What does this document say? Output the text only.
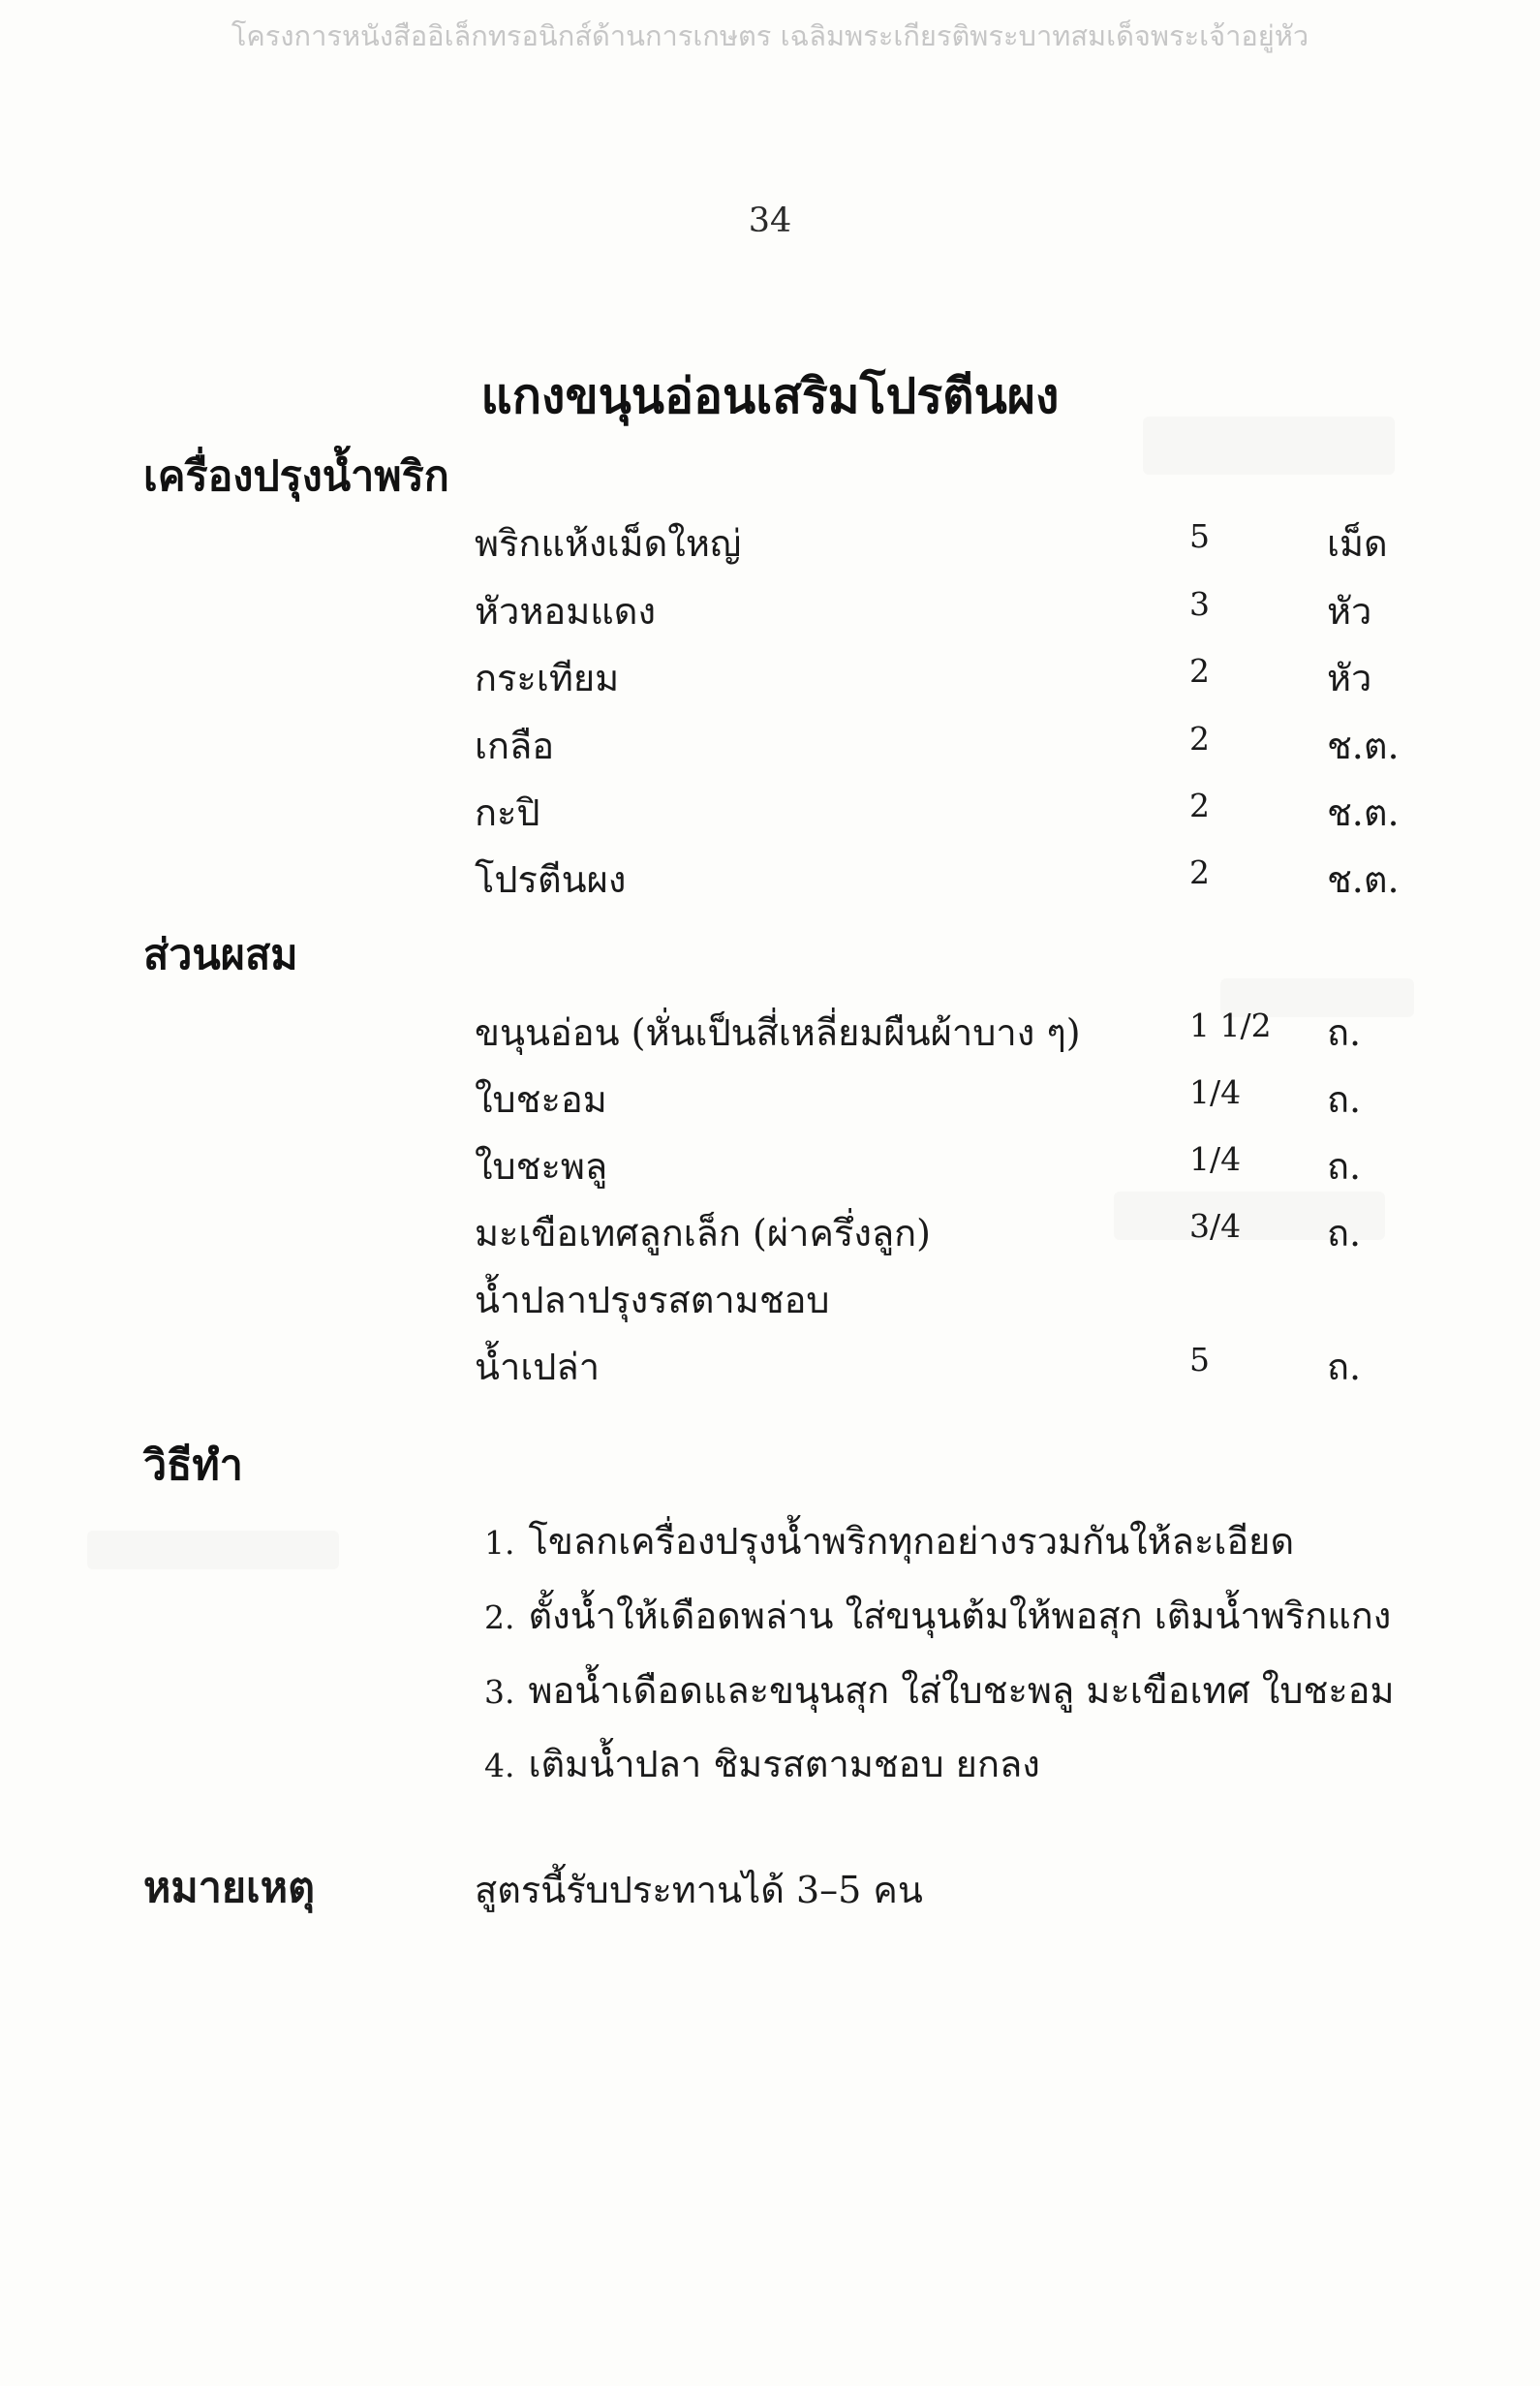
โครงการหนังสืออิเล็กทรอนิกส์ด้านการเกษตร เฉลิมพระเกียรติพระบาทสมเด็จพระเจ้าอยู่หัว
34
แกงขนุนอ่อนเสริมโปรตีนผง
เครื่องปรุงน้ำพริก
พริกแห้งเม็ดใหญ่	5	เม็ด
หัวหอมแดง	3	หัว
กระเทียม	2	หัว
เกลือ	2	ช.ต.
กะปิ	2	ช.ต.
โปรตีนผง	2	ช.ต.
ส่วนผสม
ขนุนอ่อน (หั่นเป็นสี่เหลี่ยมผืนผ้าบาง ๆ)	1 1/2 ถ.
ใบชะอม	1/4 ถ.
ใบชะพลู	1/4 ถ.
มะเขือเทศลูกเล็ก (ผ่าครึ่งลูก)	3/4 ถ.
น้ำปลาปรุงรสตามชอบ
น้ำเปล่า	5	ถ.
วิธีทำ
1. โขลกเครื่องปรุงน้ำพริกทุกอย่างรวมกันให้ละเอียด
2. ตั้งน้ำให้เดือดพล่าน ใส่ขนุนต้มให้พอสุก เติมน้ำพริกแกง
3. พอน้ำเดือดและขนุนสุก ใส่ใบชะพลู มะเขือเทศ ใบชะอม
4. เติมน้ำปลา ชิมรสตามชอบ ยกลง
หมายเหตุ	สูตรนี้รับประทานได้ 3–5 คน
